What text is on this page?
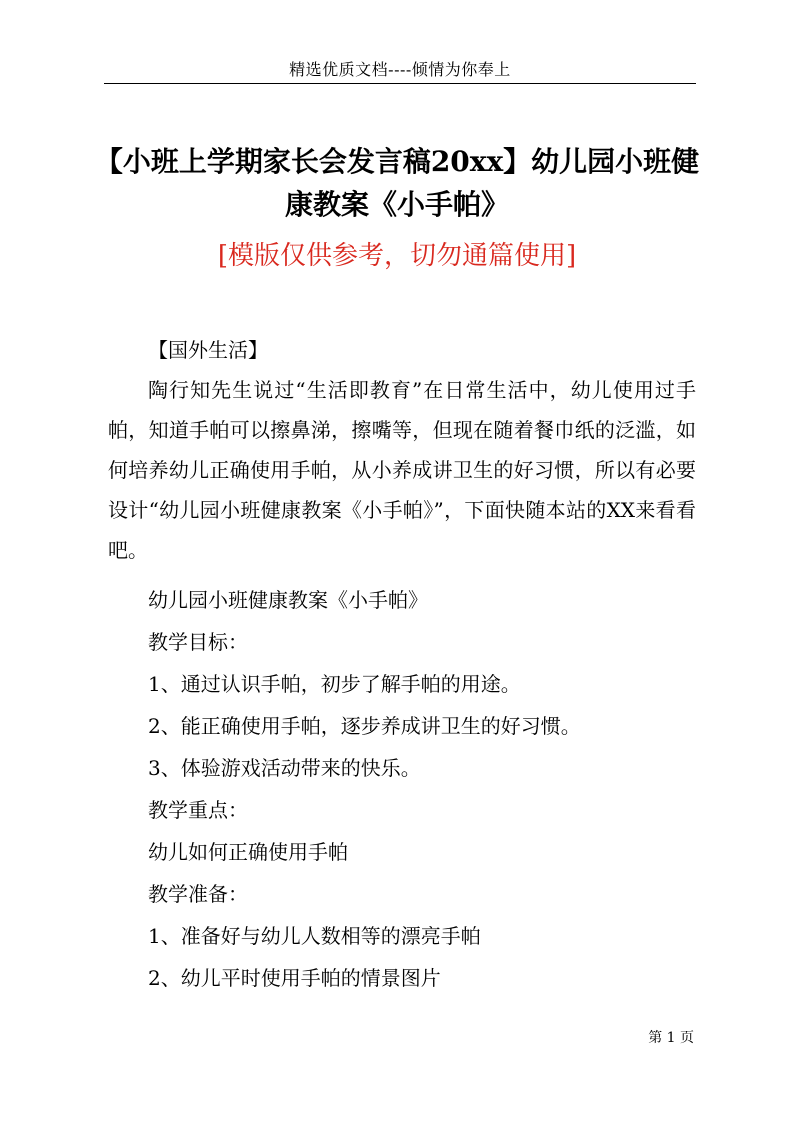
精选优质文档----倾情为你奉上
【小班上学期家长会发言稿20xx】幼儿园小班健康教案《小手帕》
[模版仅供参考，切勿通篇使用]
【国外生活】
陶行知先生说过“生活即教育”在日常生活中，幼儿使用过手帕，知道手帕可以擦鼻涕，擦嘴等，但现在随着餐巾纸的泛滥，如何培养幼儿正确使用手帕，从小养成讲卫生的好习惯，所以有必要设计“幼儿园小班健康教案《小手帕》”，下面快随本站的XX来看看吧。
幼儿园小班健康教案《小手帕》
教学目标：
1、通过认识手帕，初步了解手帕的用途。
2、能正确使用手帕，逐步养成讲卫生的好习惯。
3、体验游戏活动带来的快乐。
教学重点：
幼儿如何正确使用手帕
教学准备：
1、准备好与幼儿人数相等的漂亮手帕
2、幼儿平时使用手帕的情景图片
第 1 页
